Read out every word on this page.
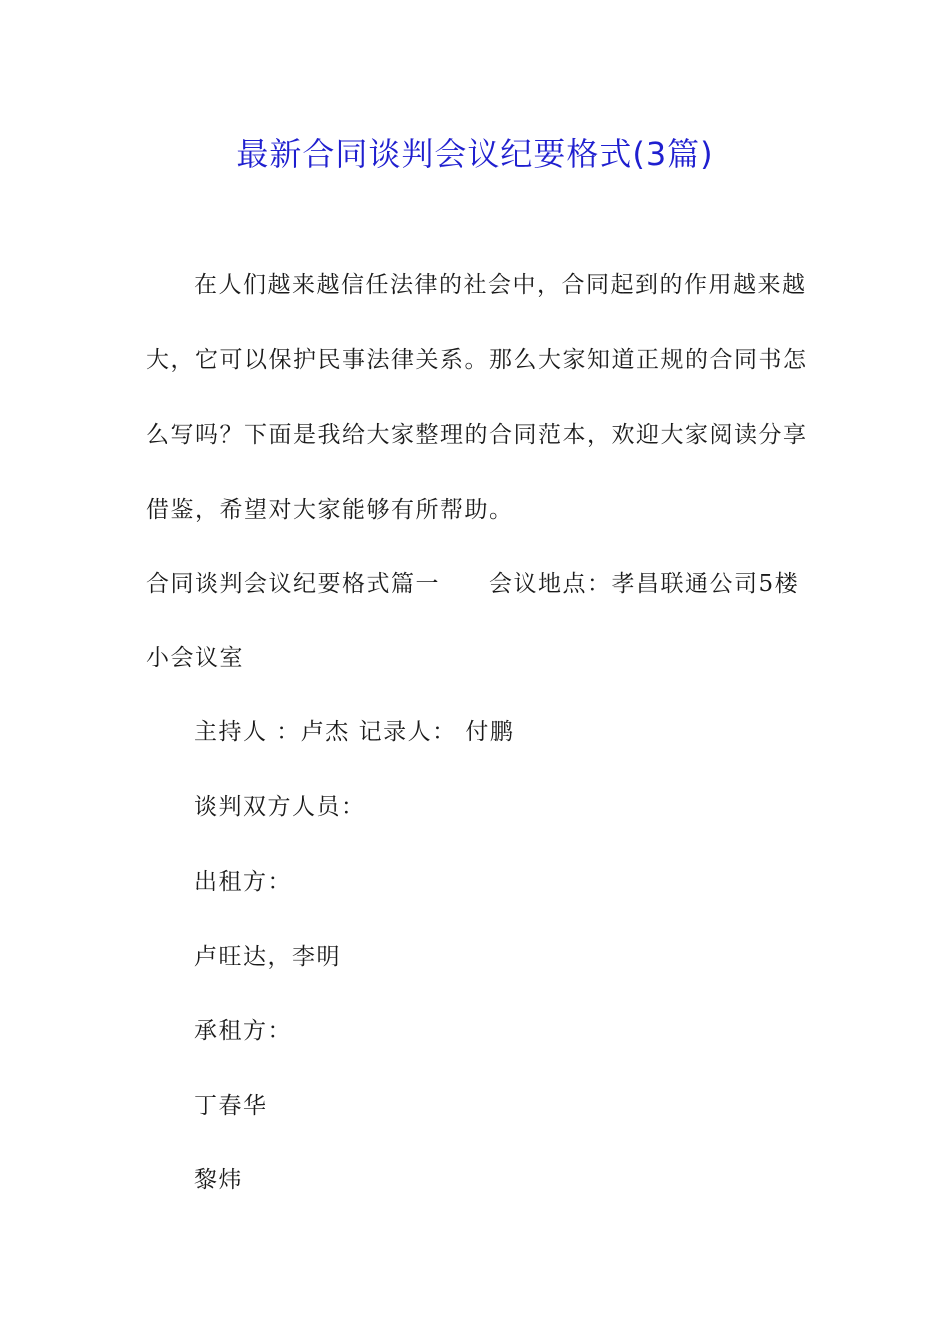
最新合同谈判会议纪要格式(3篇)
在人们越来越信任法律的社会中，合同起到的作用越来越
大，它可以保护民事法律关系。那么大家知道正规的合同书怎
么写吗？下面是我给大家整理的合同范本，欢迎大家阅读分享
借鉴，希望对大家能够有所帮助。
合同谈判会议纪要格式篇一　　会议地点：孝昌联通公司5楼
小会议室
主持人 ：卢杰 记录人： 付鹏
谈判双方人员：
出租方：
卢旺达，李明
承租方：
丁春华
黎炜
